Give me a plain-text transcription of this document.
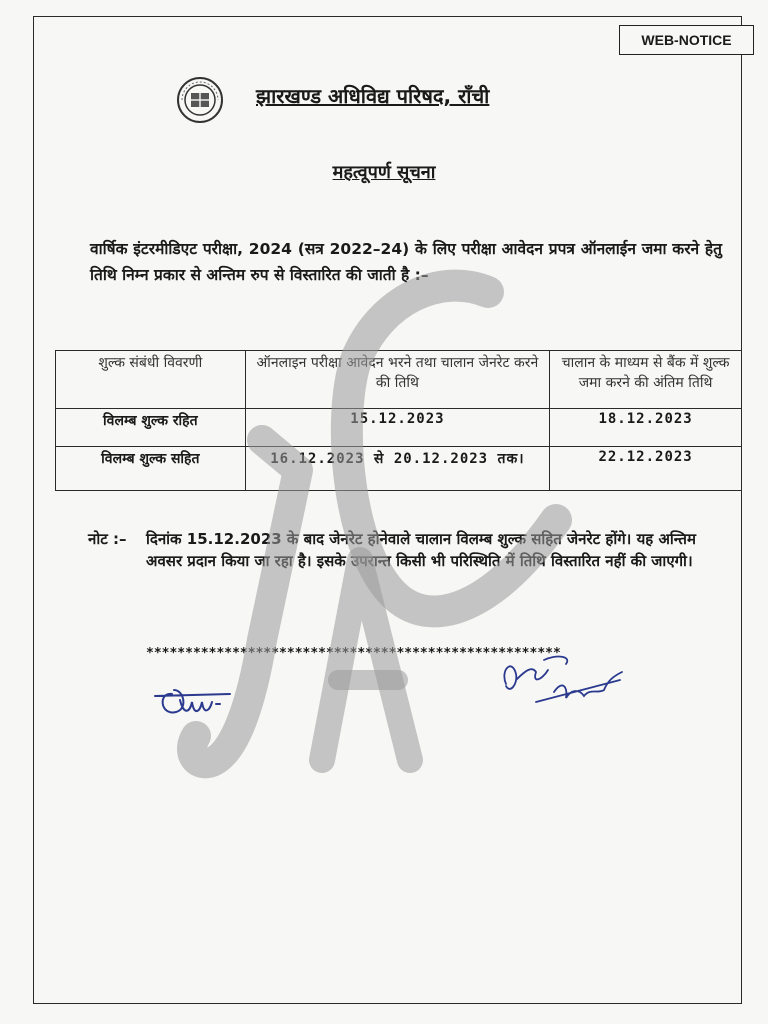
WEB-NOTICE
झारखण्ड अधिविद्य परिषद, राँची
महत्वूपर्ण सूचना
वार्षिक इंटरमीडिएट परीक्षा, 2024 (सत्र 2022–24) के लिए परीक्षा आवेदन प्रपत्र ऑनलाईन जमा करने हेतु तिथि निम्न प्रकार से अन्तिम रुप से विस्तारित की जाती है :–
शुल्क संबंधी विवरणी	ऑनलाइन परीक्षा आवेदन भरने तथा चालान जेनरेट करने की तिथि	चालान के माध्यम से बैंक में शुल्क जमा करने की अंतिम तिथि
विलम्ब शुल्क रहित	15.12.2023	18.12.2023
विलम्ब शुल्क सहित	16.12.2023 से 20.12.2023 तक।	22.12.2023
नोट :– दिनांक 15.12.2023 के बाद जेनरेट होनेवाले चालान विलम्ब शुल्क सहित जेनरेट होंगे। यह अन्तिम अवसर प्रदान किया जा रहा है। इसके उपरान्त किसी भी परिस्थिति में तिथि विस्तारित नहीं की जाएगी।
*****************************************************
